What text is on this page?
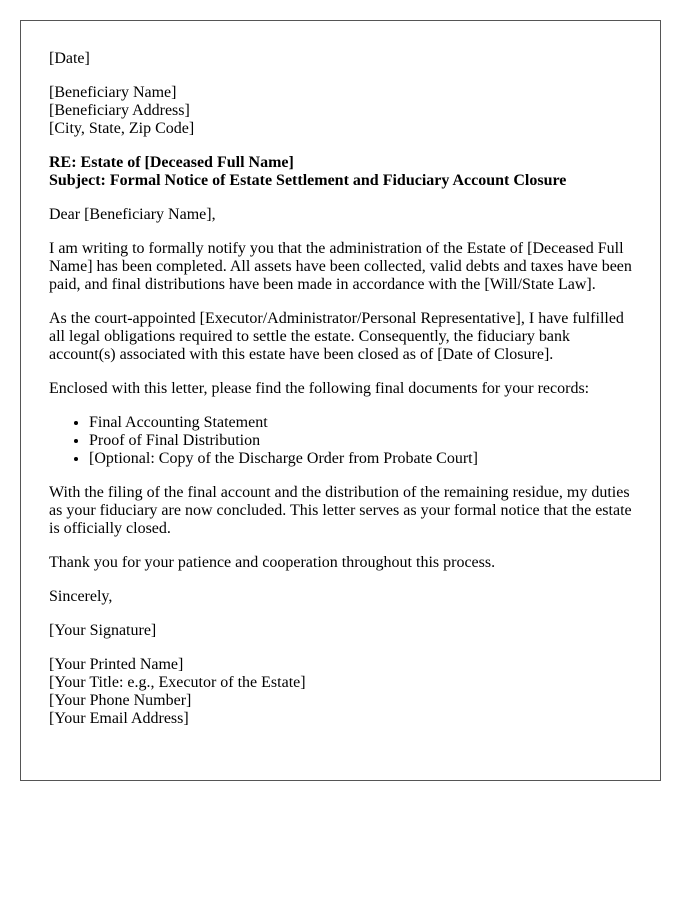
[Date]

[Beneficiary Name]
[Beneficiary Address]
[City, State, Zip Code]

RE: Estate of [Deceased Full Name]
Subject: Formal Notice of Estate Settlement and Fiduciary Account Closure

Dear [Beneficiary Name],

I am writing to formally notify you that the administration of the Estate of [Deceased Full Name] has been completed. All assets have been collected, valid debts and taxes have been paid, and final distributions have been made in accordance with the [Will/State Law].

As the court-appointed [Executor/Administrator/Personal Representative], I have fulfilled all legal obligations required to settle the estate. Consequently, the fiduciary bank account(s) associated with this estate have been closed as of [Date of Closure].

Enclosed with this letter, please find the following final documents for your records:

• Final Accounting Statement
• Proof of Final Distribution
• [Optional: Copy of the Discharge Order from Probate Court]

With the filing of the final account and the distribution of the remaining residue, my duties as your fiduciary are now concluded. This letter serves as your formal notice that the estate is officially closed.

Thank you for your patience and cooperation throughout this process.

Sincerely,

[Your Signature]

[Your Printed Name]
[Your Title: e.g., Executor of the Estate]
[Your Phone Number]
[Your Email Address]
